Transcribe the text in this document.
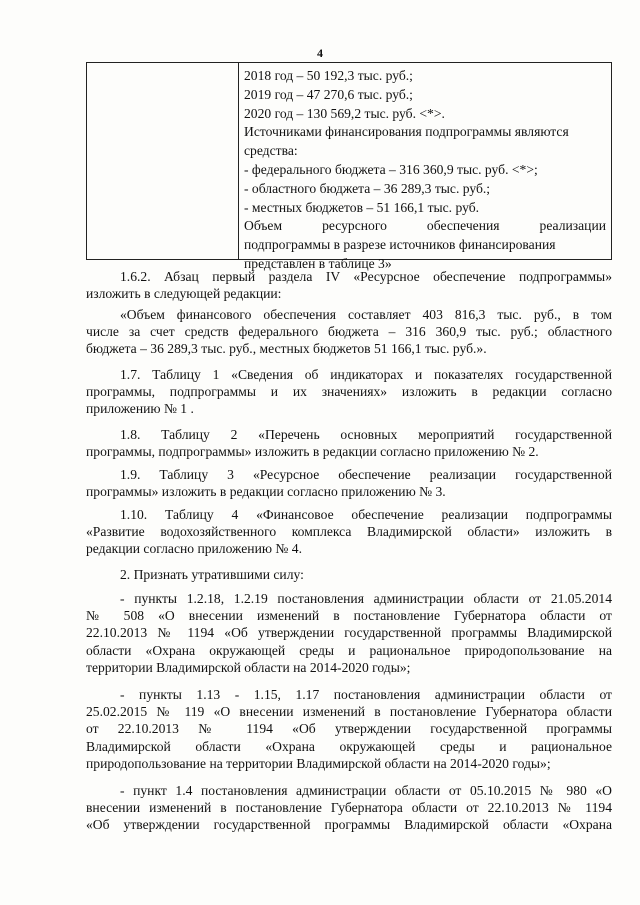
4
2018 год – 50 192,3 тыс. руб.;
2019 год – 47 270,6 тыс. руб.;
2020 год – 130 569,2 тыс. руб. <*>.
Источниками финансирования подпрограммы являются
средства:
- федерального бюджета – 316 360,9 тыс. руб. <*>;
- областного бюджета – 36 289,3 тыс. руб.;
- местных бюджетов – 51 166,1 тыс. руб.
Объем ресурсного обеспечения реализации
подпрограммы в разрезе источников финансирования
представлен в таблице 3»
1.6.2. Абзац первый раздела IV «Ресурсное обеспечение подпрограммы»
изложить в следующей редакции:
«Объем финансового обеспечения составляет 403 816,3 тыс. руб., в том
числе за счет средств федерального бюджета – 316 360,9 тыс. руб.; областного
бюджета – 36 289,3 тыс. руб., местных бюджетов 51 166,1 тыс. руб.».
1.7. Таблицу 1 «Сведения об индикаторах и показателях государственной
программы, подпрограммы и их значениях» изложить в редакции согласно
приложению № 1 .
1.8. Таблицу 2 «Перечень основных мероприятий государственной
программы, подпрограммы» изложить в редакции согласно приложению № 2.
1.9. Таблицу 3 «Ресурсное обеспечение реализации государственной
программы» изложить в редакции согласно приложению № 3.
1.10. Таблицу 4 «Финансовое обеспечение реализации подпрограммы
«Развитие водохозяйственного комплекса Владимирской области» изложить в
редакции согласно приложению № 4.
2. Признать утратившими силу:
- пункты 1.2.18, 1.2.19 постановления администрации области от 21.05.2014
№ 508 «О внесении изменений в постановление Губернатора области от
22.10.2013 № 1194 «Об утверждении государственной программы Владимирской
области «Охрана окружающей среды и рациональное природопользование на
территории Владимирской области на 2014-2020 годы»;
- пункты 1.13 - 1.15, 1.17 постановления администрации области от
25.02.2015 № 119 «О внесении изменений в постановление Губернатора области
от 22.10.2013 № 1194 «Об утверждении государственной программы
Владимирской области «Охрана окружающей среды и рациональное
природопользование на территории Владимирской области на 2014-2020 годы»;
- пункт 1.4 постановления администрации области от 05.10.2015 № 980 «О
внесении изменений в постановление Губернатора области от 22.10.2013 № 1194
«Об утверждении государственной программы Владимирской области «Охрана
